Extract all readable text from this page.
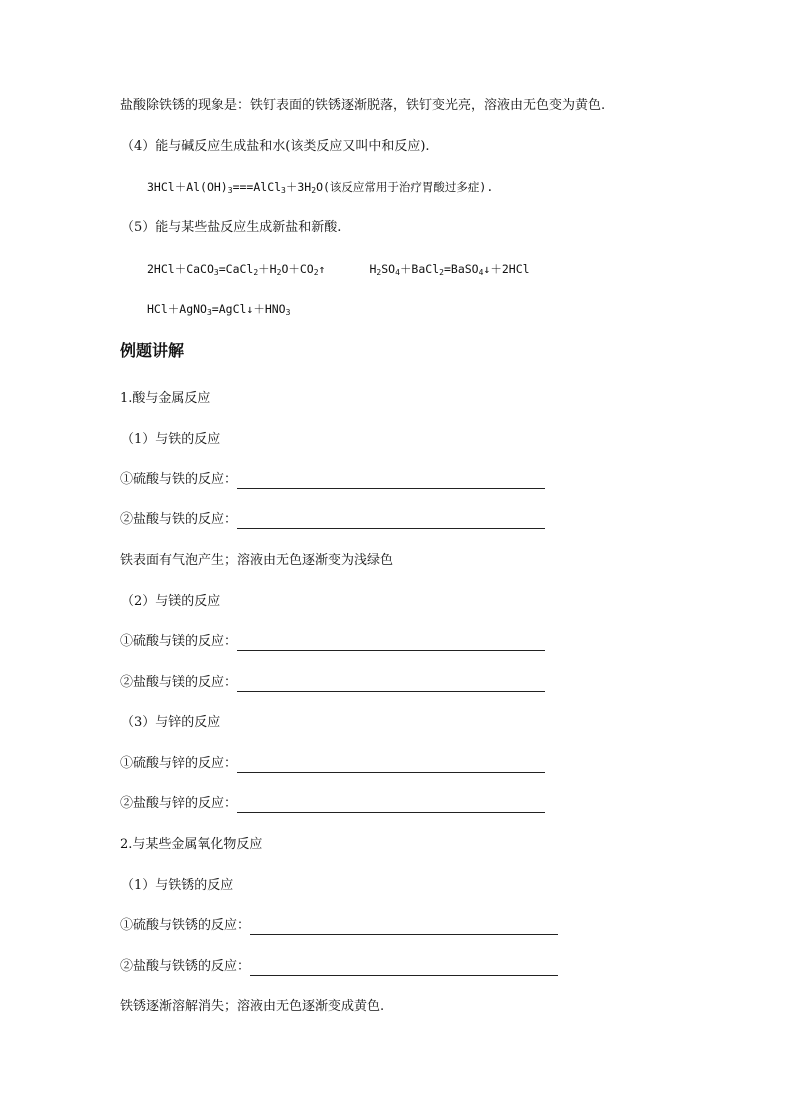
盐酸除铁锈的现象是：铁钉表面的铁锈逐渐脱落，铁钉变光亮，溶液由无色变为黄色.
（4）能与碱反应生成盐和水(该类反应又叫中和反应).
$3HCl+Al(OH)_3===AlCl_3+3H_2O$(该反应常用于治疗胃酸过多症).
（5）能与某些盐反应生成新盐和新酸.
$2HCl+CaCO_3=CaCl_2+H_2O+CO_2↑$	$H_2SO_4+BaCl_2=BaSO_4↓+2HCl$
$HCl+AgNO_3=AgCl↓+HNO_3$
例题讲解
1.酸与金属反应
（1）与铁的反应
①硫酸与铁的反应：
②盐酸与铁的反应：
铁表面有气泡产生；溶液由无色逐渐变为浅绿色
（2）与镁的反应
①硫酸与镁的反应：
②盐酸与镁的反应：
（3）与锌的反应
①硫酸与锌的反应：
②盐酸与锌的反应：
2.与某些金属氧化物反应
（1）与铁锈的反应
①硫酸与铁锈的反应：
②盐酸与铁锈的反应：
铁锈逐渐溶解消失；溶液由无色逐渐变成黄色.
